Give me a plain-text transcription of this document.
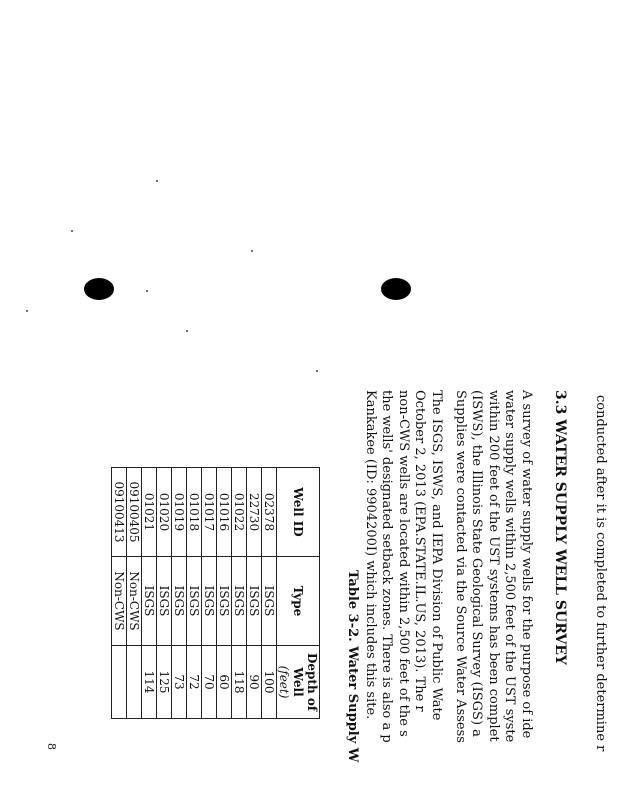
conducted after it is completed to further determine r
3.3 WATER SUPPLY WELL SURVEY
A survey of water supply wells for the purpose of ide
water supply wells within 2,500 feet of the UST syste
within 200 feet of the UST systems has been complet
(ISWS), the Illinois State Geological Survey (ISGS) a
Supplies were contacted via the Source Water Assess
The ISGS, ISWS, and IEPA Division of Public Wate
October 2, 2013 (EPA.STATE.IL.US, 2013). The r
non-CWS wells are located within 2,500 feet of the s
the wells' designated setback zones. There is also a p
Kankakee (ID: 9904200I) which includes this site.
Table 3-2. Water Supply W
Well ID	Type	Depth of
Well
(feet)

02378	ISGS	100
22730	ISGS	90
01022	ISGS	118
01016	ISGS	60
01017	ISGS	70
01018	ISGS	72
01019	ISGS	73
01020	ISGS	125
01021	ISGS	114
09100405	Non-CWS	
09100413	Non-CWS	
8
